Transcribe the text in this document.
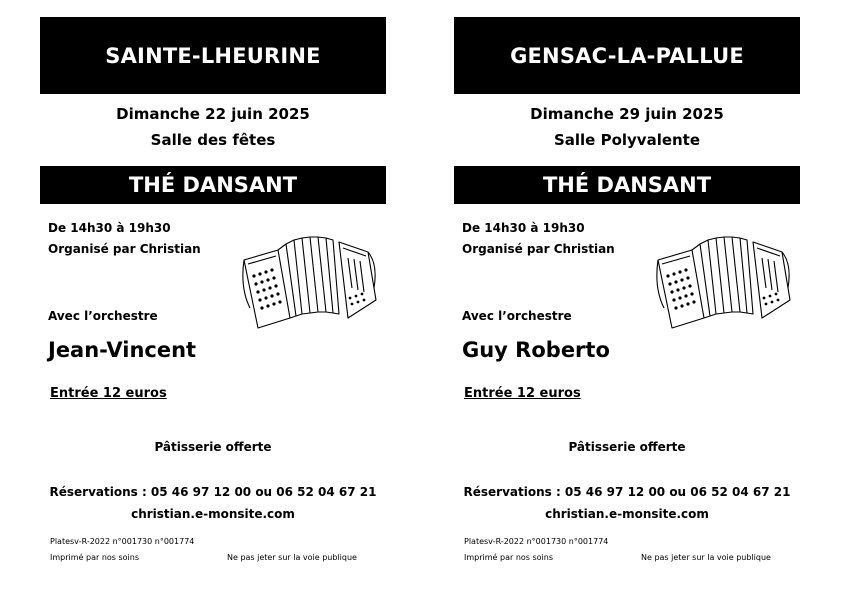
SAINTE-LHEURINE
Dimanche 22 juin 2025
Salle des fêtes
THÉ DANSANT
De 14h30 à 19h30
Organisé par Christian
Avec l’orchestre
Jean-Vincent
Entrée 12 euros
Pâtisserie offerte
Réservations : 05 46 97 12 00 ou 06 52 04 67 21
christian.e-monsite.com
Platesv-R-2022 n°001730 n°001774
Imprimé par nos soins	Ne pas jeter sur la voie publique
GENSAC-LA-PALLUE
Dimanche 29 juin 2025
Salle Polyvalente
THÉ DANSANT
De 14h30 à 19h30
Organisé par Christian
Avec l’orchestre
Guy Roberto
Entrée 12 euros
Pâtisserie offerte
Réservations : 05 46 97 12 00 ou 06 52 04 67 21
christian.e-monsite.com
Platesv-R-2022 n°001730 n°001774
Imprimé par nos soins	Ne pas jeter sur la voie publique
